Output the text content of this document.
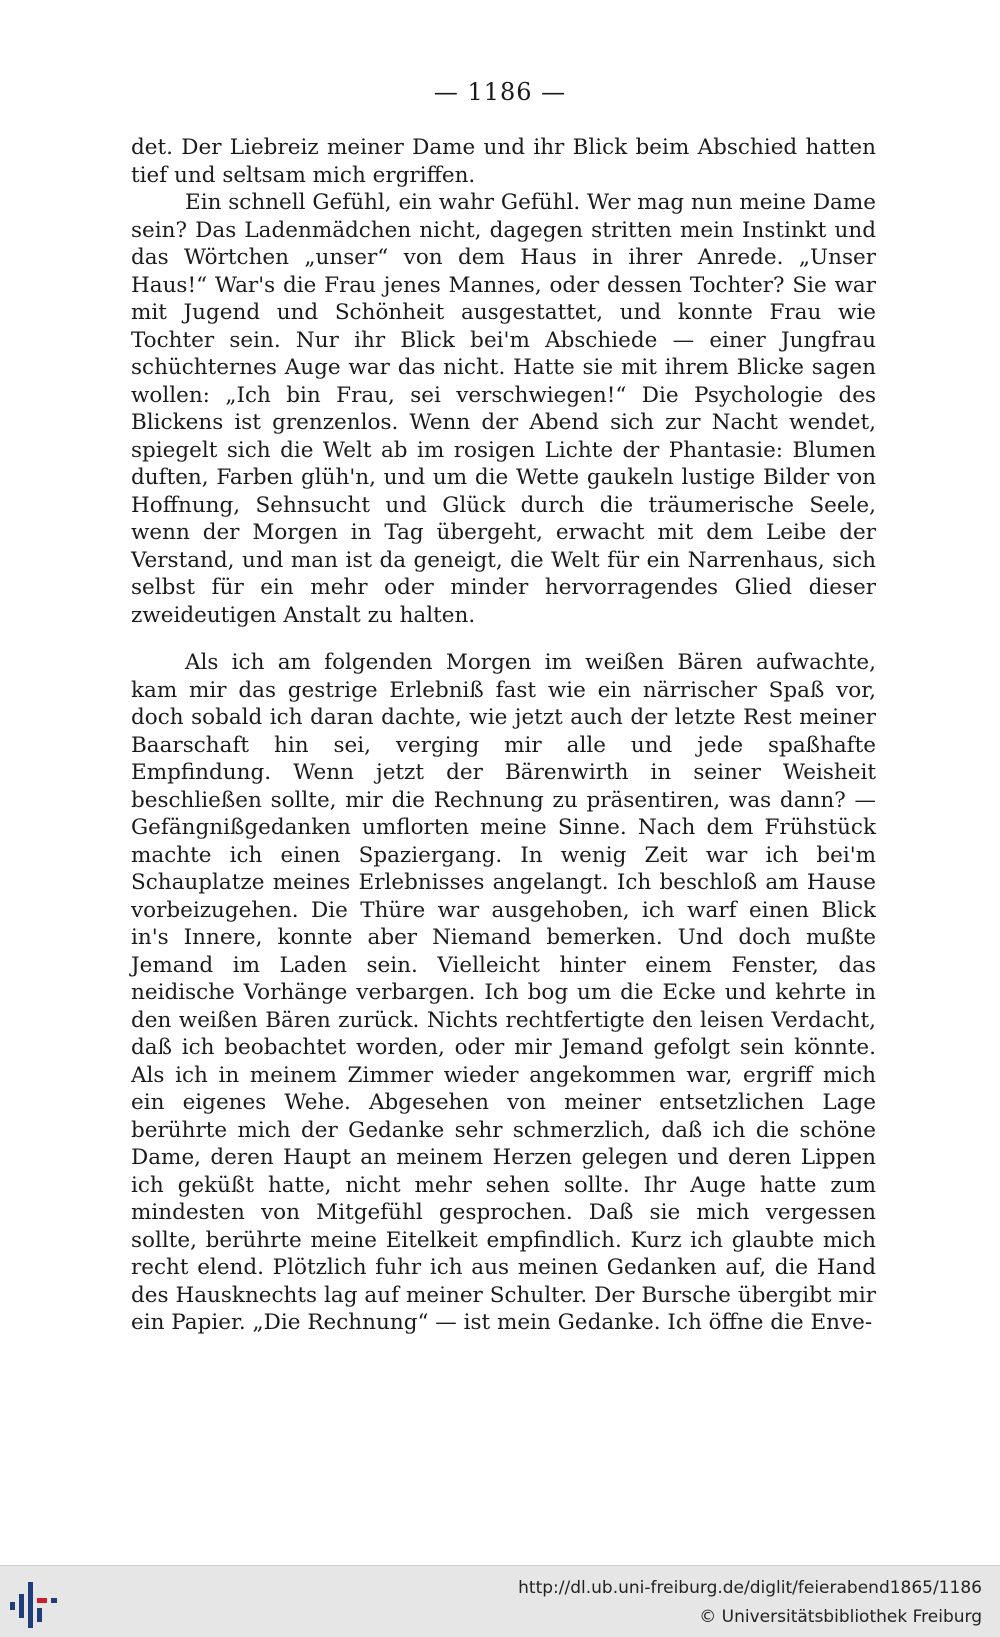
— 1186 —

det. Der Liebreiz meiner Dame und ihr Blick beim Abschied hatten tief und seltsam mich ergriffen.

Ein schnell Gefühl, ein wahr Gefühl. Wer mag nun meine Dame sein? Das Ladenmädchen nicht, dagegen stritten mein Instinkt und das Wörtchen „unser“ von dem Haus in ihrer Anrede. „Unser Haus!“ War's die Frau jenes Mannes, oder dessen Tochter? Sie war mit Jugend und Schönheit ausgestattet, und konnte Frau wie Tochter sein. Nur ihr Blick bei'm Abschiede — einer Jungfrau schüchternes Auge war das nicht. Hatte sie mit ihrem Blicke sagen wollen: „Ich bin Frau, sei verschwiegen!“ Die Psychologie des Blickens ist grenzenlos. Wenn der Abend sich zur Nacht wendet, spiegelt sich die Welt ab im rosigen Lichte der Phantasie: Blumen duften, Farben glüh'n, und um die Wette gaukeln lustige Bilder von Hoffnung, Sehnsucht und Glück durch die träumerische Seele, wenn der Morgen in Tag übergeht, erwacht mit dem Leibe der Verstand, und man ist da geneigt, die Welt für ein Narrenhaus, sich selbst für ein mehr oder minder hervorragendes Glied dieser zweideutigen Anstalt zu halten.

Als ich am folgenden Morgen im weißen Bären aufwachte, kam mir das gestrige Erlebniß fast wie ein närrischer Spaß vor, doch sobald ich daran dachte, wie jetzt auch der letzte Rest meiner Baarschaft hin sei, verging mir alle und jede spaßhafte Empfindung. Wenn jetzt der Bärenwirth in seiner Weisheit beschließen sollte, mir die Rechnung zu präsentiren, was dann? — Gefängnißgedanken umflorten meine Sinne. Nach dem Frühstück machte ich einen Spaziergang. In wenig Zeit war ich bei'm Schauplatze meines Erlebnisses angelangt. Ich beschloß am Hause vorbeizugehen. Die Thüre war ausgehoben, ich warf einen Blick in's Innere, konnte aber Niemand bemerken. Und doch mußte Jemand im Laden sein. Vielleicht hinter einem Fenster, das neidische Vorhänge verbargen. Ich bog um die Ecke und kehrte in den weißen Bären zurück. Nichts rechtfertigte den leisen Verdacht, daß ich beobachtet worden, oder mir Jemand gefolgt sein könnte. Als ich in meinem Zimmer wieder angekommen war, ergriff mich ein eigenes Wehe. Abgesehen von meiner entsetzlichen Lage berührte mich der Gedanke sehr schmerzlich, daß ich die schöne Dame, deren Haupt an meinem Herzen gelegen und deren Lippen ich geküßt hatte, nicht mehr sehen sollte. Ihr Auge hatte zum mindesten von Mitgefühl gesprochen. Daß sie mich vergessen sollte, berührte meine Eitelkeit empfindlich. Kurz ich glaubte mich recht elend. Plötzlich fuhr ich aus meinen Gedanken auf, die Hand des Hausknechts lag auf meiner Schulter. Der Bursche übergibt mir ein Papier. „Die Rechnung“ — ist mein Gedanke. Ich öffne die Enve-

http://dl.ub.uni-freiburg.de/diglit/feierabend1865/1186
© Universitätsbibliothek Freiburg
